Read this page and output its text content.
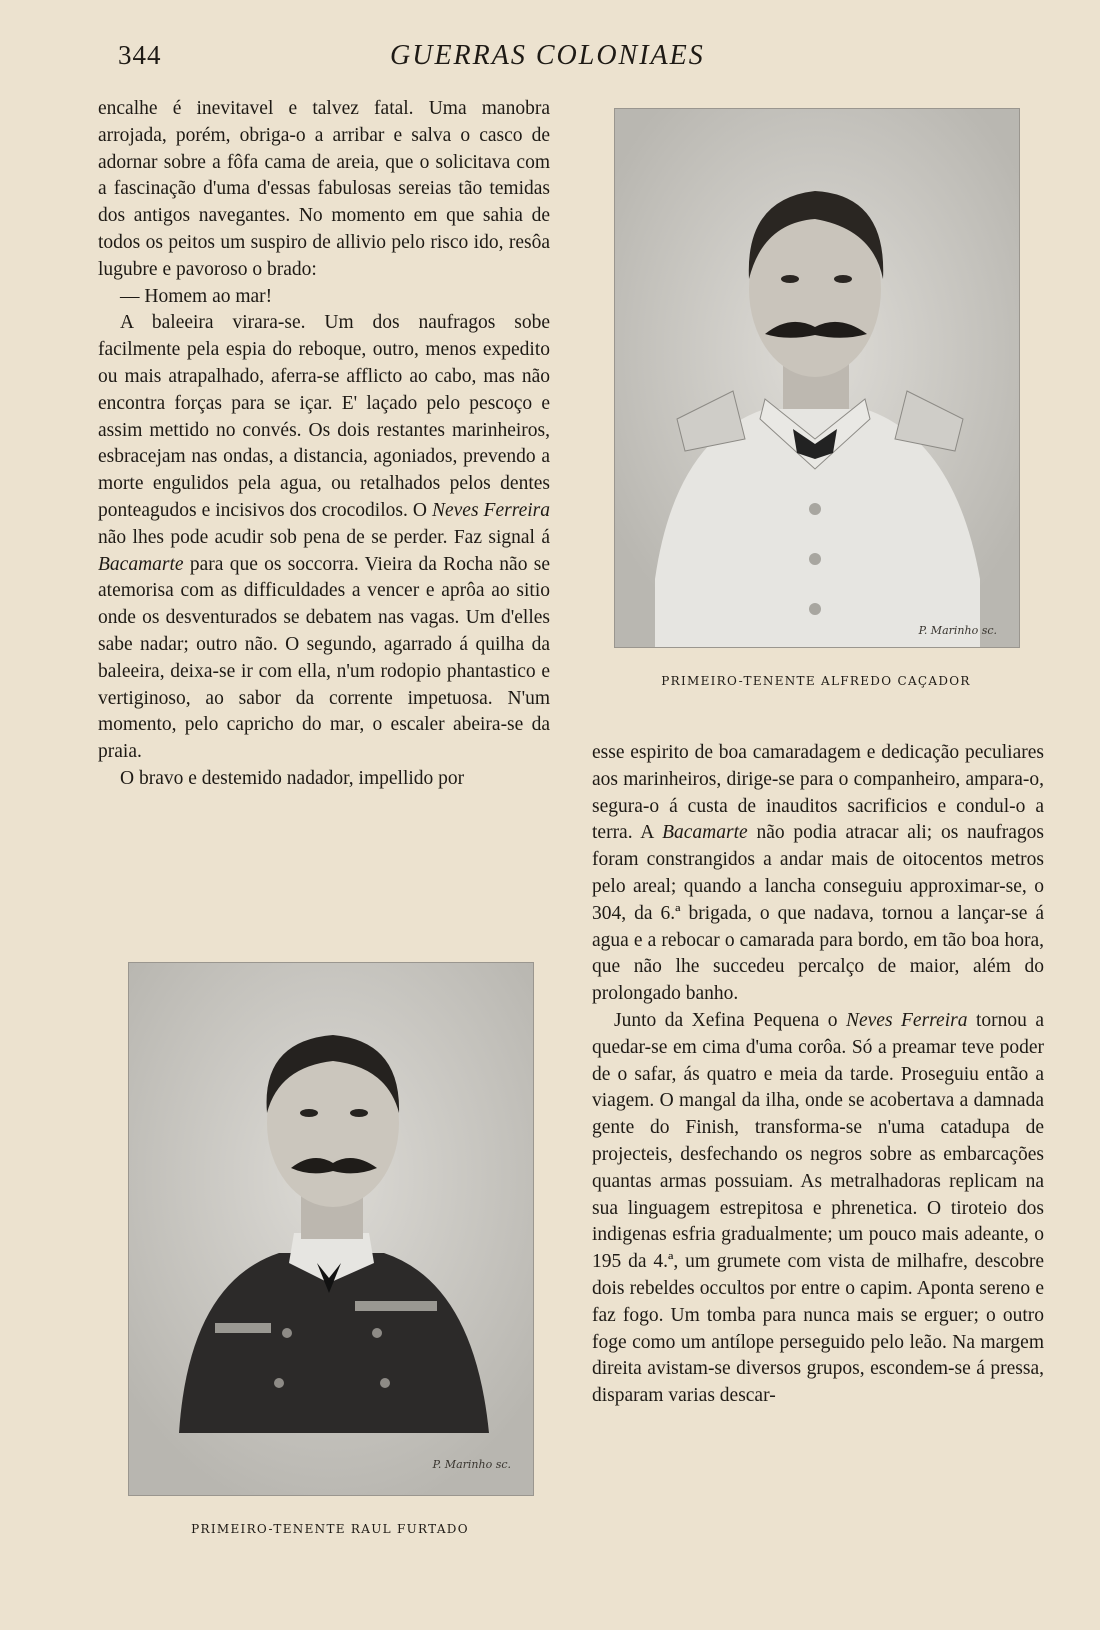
344	GUERRAS COLONIAES

encalhe é inevitavel e talvez fatal. Uma manobra arrojada, porém, obriga-o a arribar e salva o casco de adornar sobre a fôfa cama de areia, que o solicitava com a fascinação d'uma d'essas fabulosas sereias tão temidas dos antigos navegantes. No momento em que sahia de todos os peitos um suspiro de allivio pelo risco ido, resôa lugubre e pavoroso o brado:

— Homem ao mar!

A baleeira virara-se. Um dos naufragos sobe facilmente pela espia do reboque, outro, menos expedito ou mais atrapalhado, aferra-se afflicto ao cabo, mas não encontra forças para se içar. E' laçado pelo pescoço e assim mettido no convés. Os dois restantes marinheiros, esbracejam nas ondas, a distancia, agoniados, prevendo a morte engulidos pela agua, ou retalhados pelos dentes ponteagudos e incisivos dos crocodilos. O Neves Ferreira não lhes pode acudir sob pena de se perder. Faz signal á Bacamarte para que os soccorra. Vieira da Rocha não se atemorisa com as difficuldades a vencer e aprôa ao sitio onde os desventurados se debatem nas vagas. Um d'elles sabe nadar; outro não. O segundo, agarrado á quilha da baleeira, deixa-se ir com ella, n'um rodopio phantastico e vertiginoso, ao sabor da corrente impetuosa. N'um momento, pelo capricho do mar, o escaler abeira-se da praia.

O bravo e destemido nadador, impellido por

P. Marinho sc.
PRIMEIRO-TENENTE ALFREDO CAÇADOR

esse espirito de boa camaradagem e dedicação peculiares aos marinheiros, dirige-se para o companheiro, ampara-o, segura-o á custa de inauditos sacrificios e condul-o a terra. A Bacamarte não podia atracar ali; os naufragos foram constrangidos a andar mais de oitocentos metros pelo areal; quando a lancha conseguiu approximar-se, o 304, da 6.ª brigada, o que nadava, tornou a lançar-se á agua e a rebocar o camarada para bordo, em tão boa hora, que não lhe succedeu percalço de maior, além do prolongado banho.

Junto da Xefina Pequena o Neves Ferreira tornou a quedar-se em cima d'uma corôa. Só a preamar teve poder de o safar, ás quatro e meia da tarde. Proseguiu então a viagem. O mangal da ilha, onde se acobertava a damnada gente do Finish, transforma-se n'uma catadupa de projecteis, desfechando os negros sobre as embarcações quantas armas possuiam. As metralhadoras replicam na sua linguagem estrepitosa e phrenetica. O tiroteio dos indigenas esfria gradualmente; um pouco mais adeante, o 195 da 4.ª, um grumete com vista de milhafre, descobre dois rebeldes occultos por entre o capim. Aponta sereno e faz fogo. Um tomba para nunca mais se erguer; o outro foge como um antílope perseguido pelo leão. Na margem direita avistam-se diversos grupos, escondem-se á pressa, disparam varias descar-

P. Marinho sc.
PRIMEIRO-TENENTE RAUL FURTADO
